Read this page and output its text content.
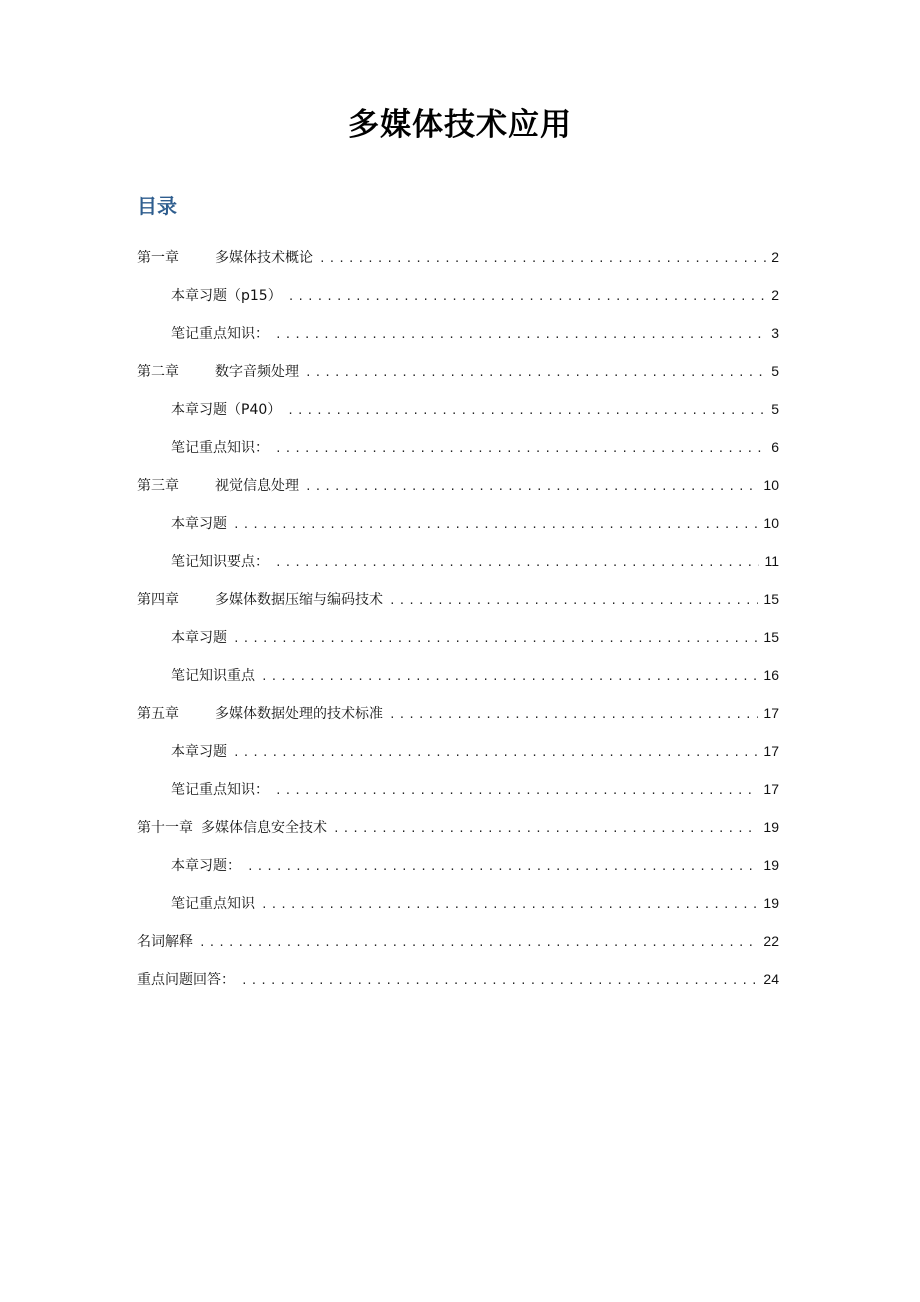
多媒体技术应用
目录
第一章	多媒体技术概论 .....	2
本章习题（p15） .....	2
笔记重点知识： .....	3
第二章	数字音频处理 .....	5
本章习题（P40） .....	5
笔记重点知识： .....	6
第三章	视觉信息处理 .....	10
本章习题 .....	10
笔记知识要点： .....	11
第四章	多媒体数据压缩与编码技术 .....	15
本章习题 .....	15
笔记知识重点 .....	16
第五章	多媒体数据处理的技术标准 .....	17
本章习题 .....	17
笔记重点知识： .....	17
第十一章 多媒体信息安全技术 .....	19
本章习题： .....	19
笔记重点知识 .....	19
名词解释 .....	22
重点问题回答： .....	24
